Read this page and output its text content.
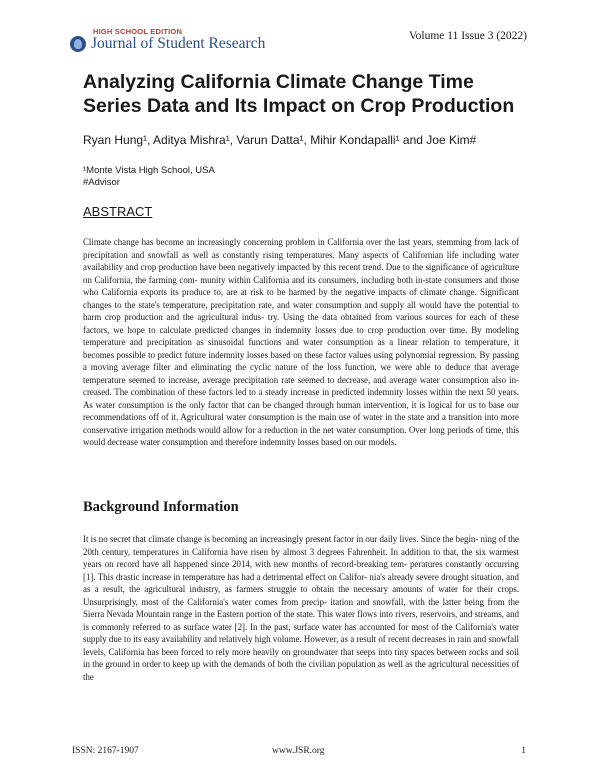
HIGH SCHOOL EDITION
Journal of Student Research	Volume 11 Issue 3 (2022)
Analyzing California Climate Change Time Series Data and Its Impact on Crop Production
Ryan Hung¹, Aditya Mishra¹, Varun Datta¹, Mihir Kondapalli¹ and Joe Kim#
¹Monte Vista High School, USA
#Advisor
ABSTRACT
Climate change has become an increasingly concerning problem in California over the last years, stemming from lack of precipitation and snowfall as well as constantly rising temperatures. Many aspects of Californian life including water availability and crop production have been negatively impacted by this recent trend. Due to the significance of agriculture on California, the farming com- munity within California and its consumers, including both in-state consumers and those who California exports its produce to, are at risk to be harmed by the negative impacts of climate change. Significant changes to the state's temperature, precipitation rate, and water consumption and supply all would have the potential to harm crop production and the agricultural indus- try. Using the data obtained from various sources for each of these factors, we hope to calculate predicted changes in indemnity losses due to crop production over time. By modeling temperature and precipitation as sinusoidal functions and water consumption as a linear relation to temperature, it becomes possible to predict future indemnity losses based on these factor values using polynomial regression. By passing a moving average filter and eliminating the cyclic nature of the loss function, we were able to deduce that average temperature seemed to increase, average precipitation rate seemed to decrease, and average water consumption also in- creased. The combination of these factors led to a steady increase in predicted indemnity losses within the next 50 years. As water consumption is the only factor that can be changed through human intervention, it is logical for us to base our recommendations off of it. Agricultural water consumption is the main use of water in the state and a transition into more conservative irrigation methods would allow for a reduction in the net water consumption. Over long periods of time, this would decrease water consumption and therefore indemnity losses based on our models.
Background Information
It is no secret that climate change is becoming an increasingly present factor in our daily lives. Since the begin- ning of the 20th century, temperatures in California have risen by almost 3 degrees Fahrenheit. In addition to that, the six warmest years on record have all happened since 2014, with new months of record-breaking tem- peratures constantly occurring [1]. This drastic increase in temperature has had a detrimental effect on Califor- nia's already severe drought situation, and as a result, the agricultural industry, as farmers struggle to obtain the necessary amounts of water for their crops. Unsurprisingly, most of the California's water comes from precip- itation and snowfall, with the latter being from the Sierra Nevada Mountain range in the Eastern portion of the state. This water flows into rivers, reservoirs, and streams, and is commonly referred to as surface water [2]. In the past, surface water has accounted for most of the California's water supply due to its easy availability and relatively high volume. However, as a result of recent decreases in rain and snowfall levels, California has been forced to rely more heavily on groundwater that seeps into tiny spaces between rocks and soil in the ground in order to keep up with the demands of both the civilian population as well as the agricultural necessities of the
ISSN: 2167-1907	www.JSR.org	1
